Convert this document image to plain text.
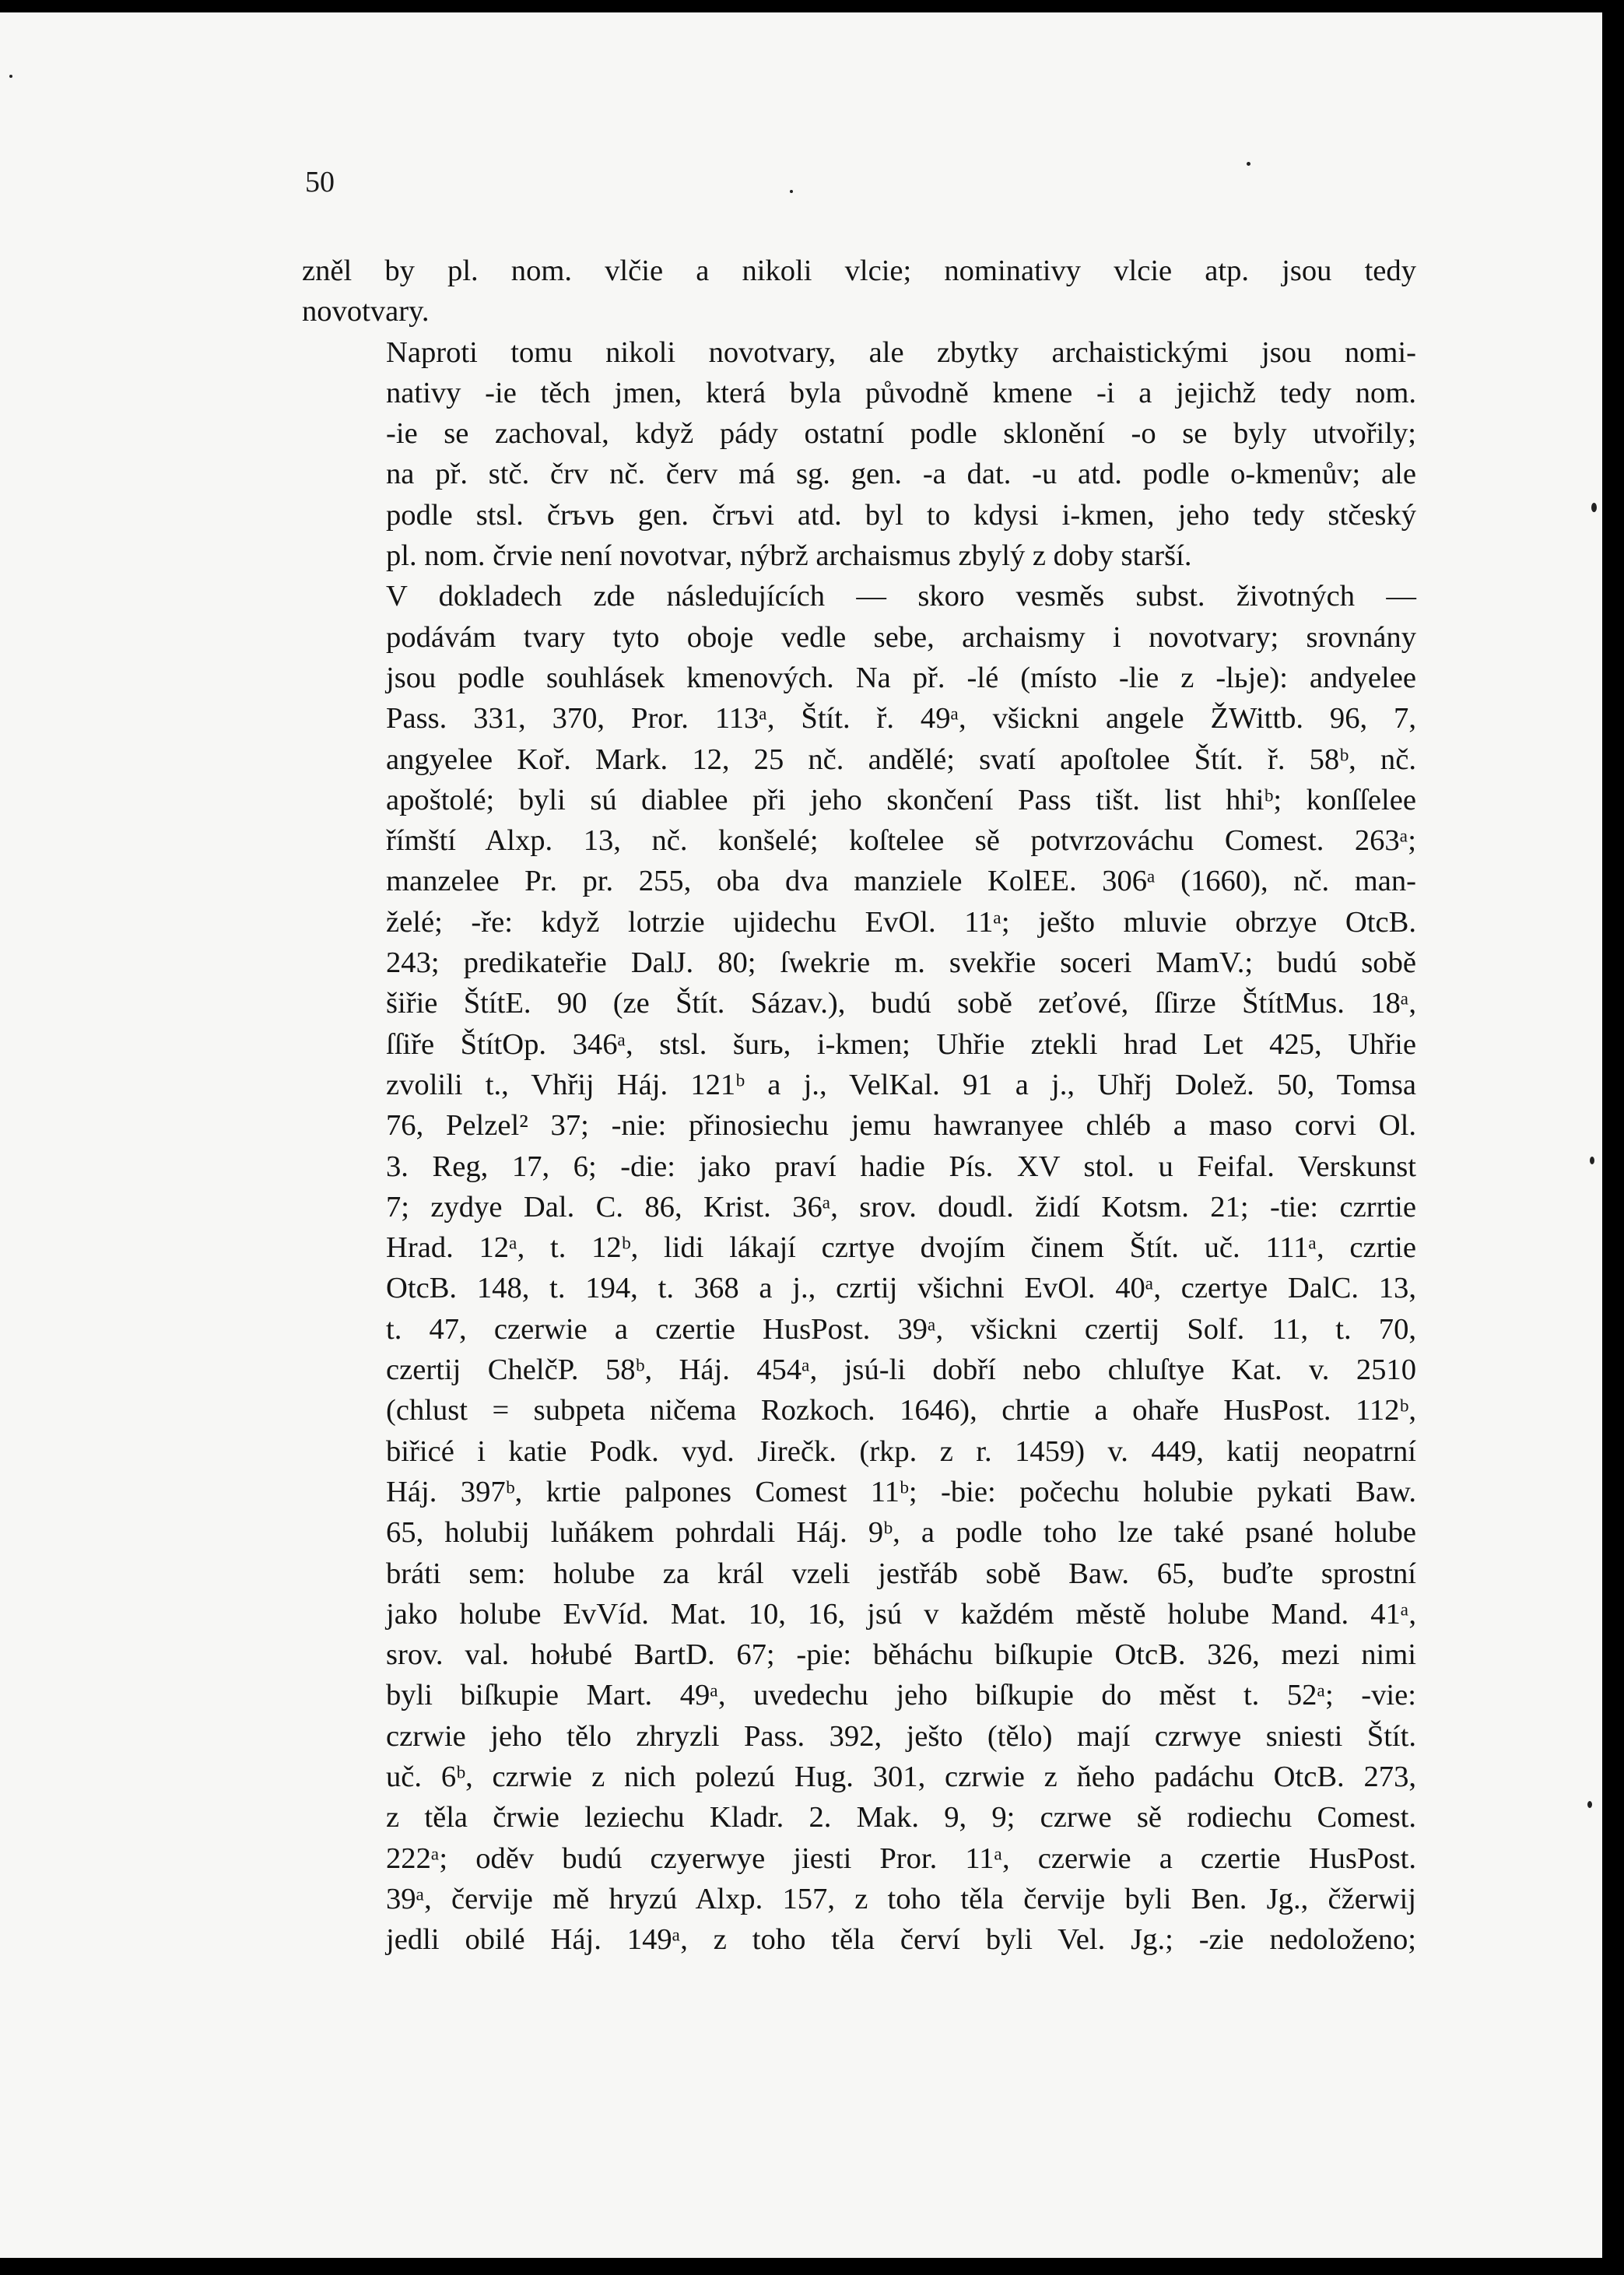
50

zněl by pl. nom. vlčie a nikoli vlcie; nominativy vlcie atp. jsou tedy
novotvary.

Naproti tomu nikoli novotvary, ale zbytky archaistickými jsou nomi-
nativy -ie těch jmen, která byla původně kmene -i a jejichž tedy nom.
-ie se zachoval, když pády ostatní podle sklonění -o se byly utvořily;
na př. stč. črv nč. červ má sg. gen. -a dat. -u atd. podle o-kmenův; ale
podle stsl. črъvь gen. črъvi atd. byl to kdysi i-kmen, jeho tedy stčeský
pl. nom. črvie není novotvar, nýbrž archaismus zbylý z doby starší.

V dokladech zde následujících — skoro vesměs subst. životných —
podávám tvary tyto oboje vedle sebe, archaismy i novotvary; srovnány
jsou podle souhlásek kmenových. Na př. -lé (místo -lie z -lьje): andyelee
Pass. 331, 370, Pror. 113ᵃ, Štít. ř. 49ᵃ, všickni angele ŽWittb. 96, 7,
angyelee Koř. Mark. 12, 25 nč. andělé; svatí apoſtolee Štít. ř. 58ᵇ, nč.
apoštolé; byli sú diablee při jeho skončení Pass tišt. list hhiᵇ; konſſelee
římští Alxp. 13, nč. konšelé; koſtelee sě potvrzováchu Comest. 263ᵃ;
manzelee Pr. pr. 255, oba dva manziele KolEE. 306ᵃ (1660), nč. man-
želé; -ře: když lotrzie ujidechu EvOl. 11ᵃ; ješto mluvie obrzye OtcB.
243; predikateřie DalJ. 80; ſwekrie m. svekřie soceri MamV.; budú sobě
šiřie ŠtítE. 90 (ze Štít. Sázav.), budú sobě zeťové, ſſirze ŠtítMus. 18ᵃ,
ſſiře ŠtítOp. 346ᵃ, stsl. šurь, i-kmen; Uhřie ztekli hrad Let 425, Uhřie
zvolili t., Vhřij Háj. 121ᵇ a j., VelKal. 91 a j., Uhřj Dolež. 50, Tomsa
76, Pelzel² 37; -nie: přinosiechu jemu hawranyee chléb a maso corvi Ol.
3. Reg, 17, 6; -die: jako praví hadie Pís. XV stol. u Feifal. Verskunst
7; zydye Dal. C. 86, Krist. 36ᵃ, srov. doudl. židí Kotsm. 21; -tie: czrrtie
Hrad. 12ᵃ, t. 12ᵇ, lidi lákají czrtye dvojím činem Štít. uč. 111ᵃ, czrtie
OtcB. 148, t. 194, t. 368 a j., czrtij všichni EvOl. 40ᵃ, czertye DalC. 13,
t. 47, czerwie a czertie HusPost. 39ᵃ, všickni czertij Solf. 11, t. 70,
czertij ChelčP. 58ᵇ, Háj. 454ᵃ, jsú-li dobří nebo chluſtye Kat. v. 2510
(chlust = subpeta ničema Rozkoch. 1646), chrtie a ohaře HusPost. 112ᵇ,
biřicé i katie Podk. vyd. Jirečk. (rkp. z r. 1459) v. 449, katij neopatrní
Háj. 397ᵇ, krtie palpones Comest 11ᵇ; -bie: počechu holubie pykati Baw.
65, holubij luňákem pohrdali Háj. 9ᵇ, a podle toho lze také psané holube
bráti sem: holube za král vzeli jestřáb sobě Baw. 65, buďte sprostní
jako holube EvVíd. Mat. 10, 16, jsú v každém městě holube Mand. 41ᵃ,
srov. val. hołubé BartD. 67; -pie: běháchu biſkupie OtcB. 326, mezi nimi
byli biſkupie Mart. 49ᵃ, uvedechu jeho biſkupie do měst t. 52ᵃ; -vie:
czrwie jeho tělo zhryzli Pass. 392, ješto (tělo) mají czrwye sniesti Štít.
uč. 6ᵇ, czrwie z nich polezú Hug. 301, czrwie z ňeho padáchu OtcB. 273,
z těla črwie leziechu Kladr. 2. Mak. 9, 9; czrwe sě rodiechu Comest.
222ᵃ; oděv budú czyerwye jiesti Pror. 11ᵃ, czerwie a czertie HusPost.
39ᵃ, červije mě hryzú Alxp. 157, z toho těla červije byli Ben. Jg., čžerwij
jedli obilé Háj. 149ᵃ, z toho těla červí byli Vel. Jg.; -zie nedoloženo;
